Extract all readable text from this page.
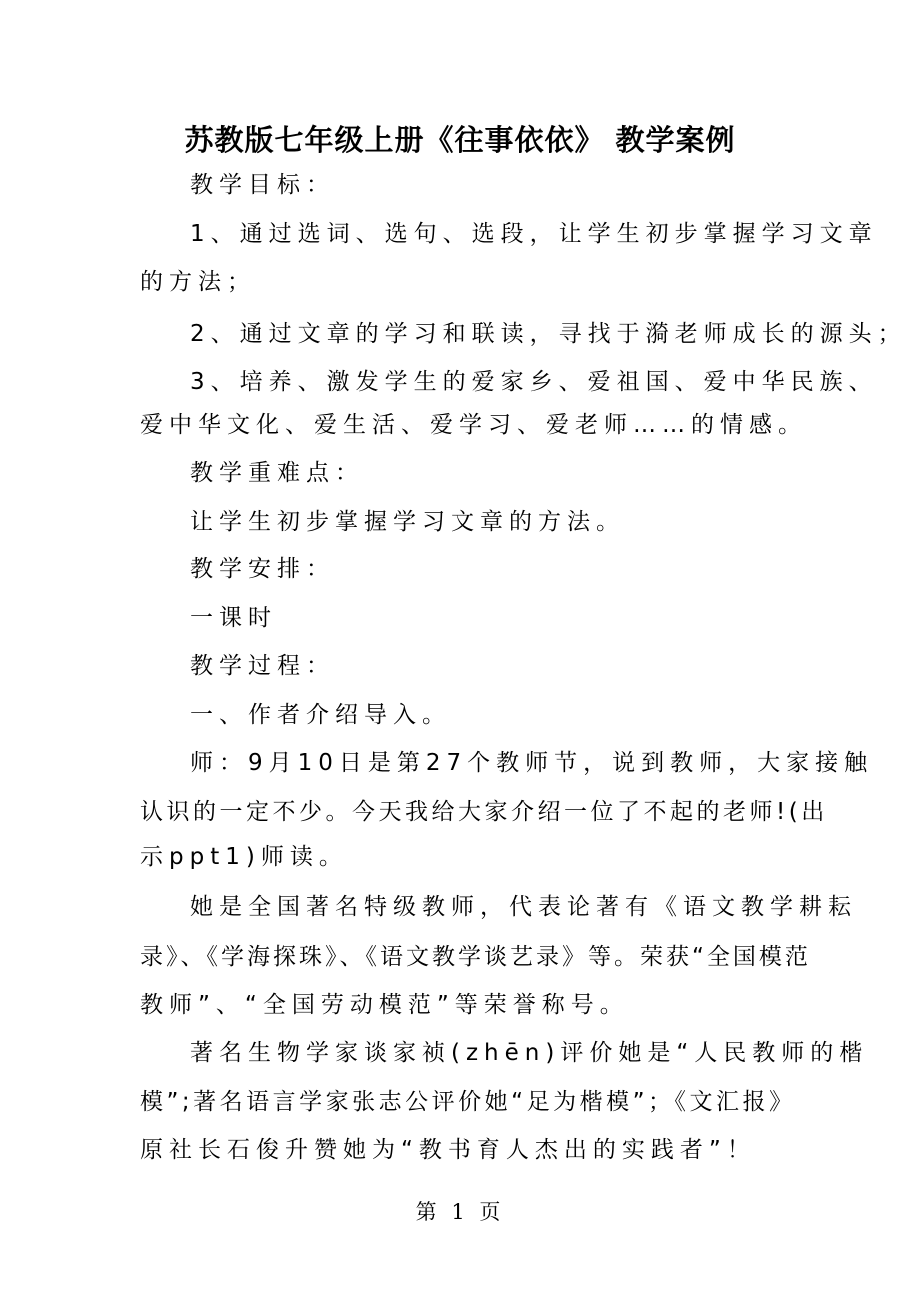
苏教版七年级上册《往事依依》 教学案例
教学目标：
1、通过选词、选句、选段，让学生初步掌握学习文章
的方法；
2、通过文章的学习和联读，寻找于漪老师成长的源头；
3、培养、激发学生的爱家乡、爱祖国、爱中华民族、
爱中华文化、爱生活、爱学习、爱老师……的情感。
教学重难点：
让学生初步掌握学习文章的方法。
教学安排：
一课时
教学过程：
一、作者介绍导入。
师：9月10日是第27个教师节，说到教师，大家接触
认识的一定不少。今天我给大家介绍一位了不起的老师!(出
示ppt1)师读。
她是全国著名特级教师，代表论著有《语文教学耕耘
录》、《学海探珠》、《语文教学谈艺录》等。荣获“全国模范
教师”、“全国劳动模范”等荣誉称号。
著名生物学家谈家祯(zhēn)评价她是“人民教师的楷
模”;著名语言学家张志公评价她“足为楷模”；《文汇报》
原社长石俊升赞她为“教书育人杰出的实践者”！
第 1 页
